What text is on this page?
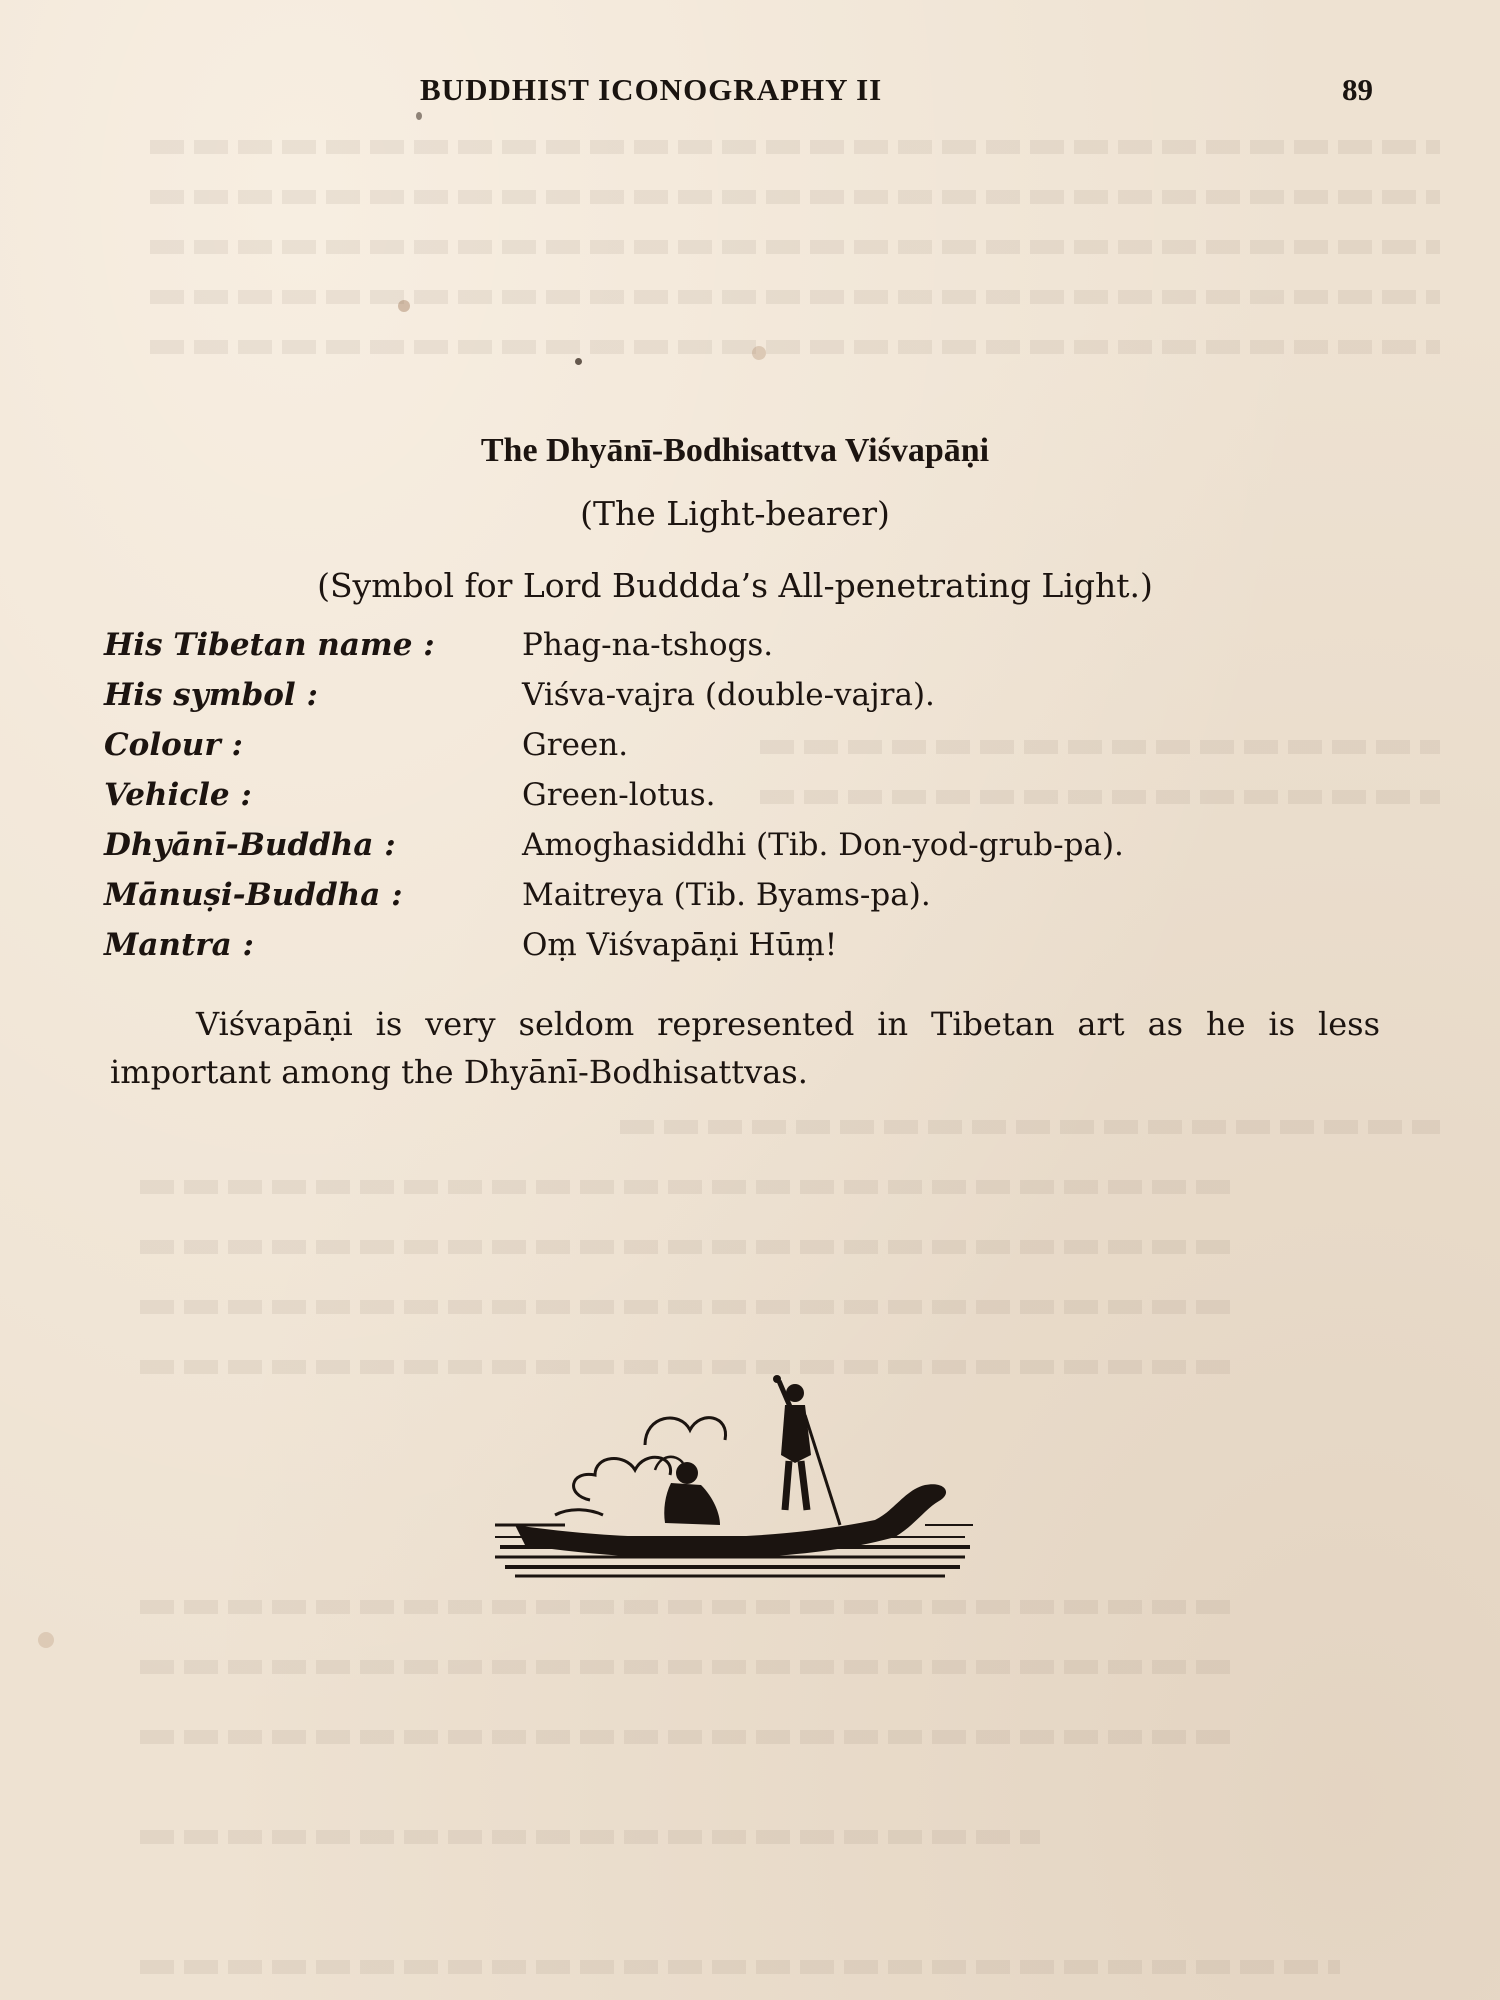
BUDDHIST ICONOGRAPHY II	89
The Dhyānī-Bodhisattva Viśvapāṇi
(The Light-bearer)
(Symbol for Lord Buddda’s All-penetrating Light.)
His Tibetan name :	Phag-na-tshogs.
His symbol :	Viśva-vajra (double-vajra).
Colour :	Green.
Vehicle :	Green-lotus.
Dhyānī-Buddha :	Amoghasiddhi (Tib. Don-yod-grub-pa).
Mānuṣi-Buddha :	Maitreya (Tib. Byams-pa).
Mantra :	Oṃ Viśvapāṇi Hūṃ!
Viśvapāṇi is very seldom represented in Tibetan art as he is less important among the Dhyānī-Bodhisattvas.
